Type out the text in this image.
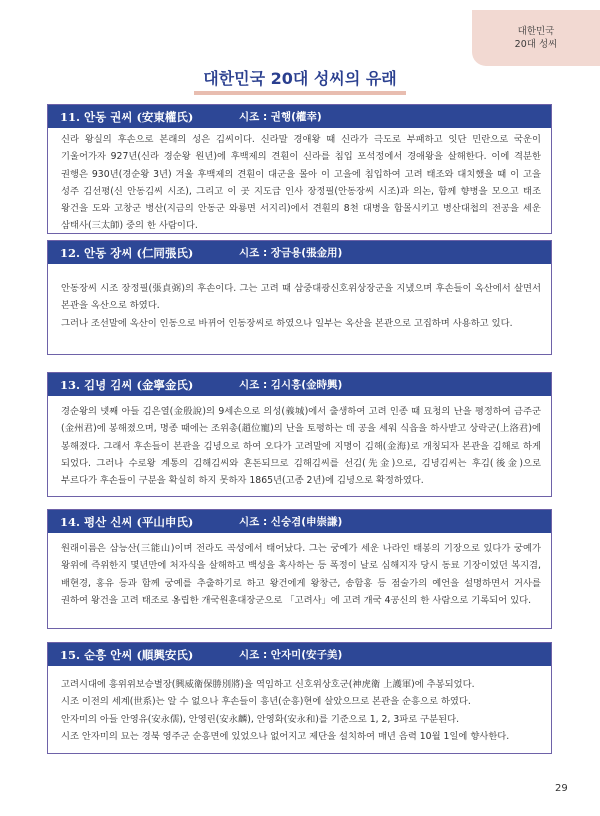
대한민국
20대 성씨
대한민국 20대 성씨의 유래
11. 안동 권씨 (安東權氏)	시조 : 권행(權幸)

신라 왕실의 후손으로 본래의 성은 김씨이다. 신라말 경애왕 때 신라가 극도로 부패하고 잇단 민란으로 국운이 기울어가자 927년(신라 경순왕 원년)에 후백제의 견훤이 신라를 침입 포석정에서 경애왕을 살해한다. 이에 격분한 권행은 930년(경순왕 3년) 겨울 후백제의 견훤이 대군을 몰아 이 고을에 침입하여 고려 태조와 대치했을 때 이 고을 성주 김선평(신 안동김씨 시조), 그리고 이 곳 지도급 인사 장정필(안동장씨 시조)과 의논, 함께 향병을 모으고 태조 왕건을 도와 고창군 병산(지금의 안동군 와룡면 서지리)에서 견훤의 8천 대병을 함몰시키고 병산대첩의 전공을 세운 삼태사(三太師) 중의 한 사람이다.

12. 안동 장씨 (仁同張氏)	시조 : 장금용(張金用)

안동장씨 시조 장정필(張貞弼)의 후손이다. 그는 고려 때 삼중대광신호위상장군을 지냈으며 후손들이 옥산에서 살면서 본관을 옥산으로 하였다.

그러나 조선말에 옥산이 인동으로 바뀌어 인동장씨로 하였으나 일부는 옥산을 본관으로 고집하며 사용하고 있다.

13. 김녕 김씨 (金寧金氏)	시조 : 김시흥(金時興)

경순왕의 넷째 아들 김은열(金殷說)의 9세손으로 의성(義城)에서 출생하여 고려 인종 때 묘청의 난을 평정하여 금주군(金州君)에 봉해졌으며, 명종 때에는 조위총(趙位寵)의 난을 토평하는 데 공을 세워 식읍을 하사받고 상락군(上洛君)에 봉해졌다. 그래서 후손들이 본관을 김녕으로 하여 오다가 고려말에 지명이 김해(金海)로 개칭되자 본관을 김해로 하게 되었다. 그러나 수로왕 계통의 김해김씨와 혼돈되므로 김해김씨를 선김(先金)으로, 김녕김씨는 후김(後金)으로 부르다가 후손들이 구분을 확실히 하지 못하자 1865년(고종 2년)에 김녕으로 확정하였다.

14. 평산 신씨 (平山申氏)	시조 : 신숭겸(申崇謙)

원래이름은 삼능산(三能山)이며 전라도 곡성에서 태어났다. 그는 궁예가 세운 나라인 태봉의 기장으로 있다가 궁예가 왕위에 즉위한지 몇년만에 처자식을 살해하고 백성을 혹사하는 등 폭정이 날로 심해지자 당시 동료 기장이었던 복지겸, 배현경, 홍유 등과 함께 궁예를 추출하기로 하고 왕건에게 왕창근, 송함홍 등 점술가의 예언을 설명하면서 거사를 권하여 왕건을 고려 태조로 옹립한 개국원훈대장군으로 「고려사」에 고려 개국 4공신의 한 사람으로 기록되어 있다.

15. 순흥 안씨 (順興安氏)	시조 : 안자미(安子美)

고려시대에 흥위위보승별장(興威衛保勝別將)을 역임하고 신호위상호군(神虎衛 上護軍)에 추봉되었다.

시조 이전의 세계(世系)는 알 수 없으나 후손들이 흥년(순흥)현에 살았으므로 본관을 순흥으로 하였다.

안자미의 아들 안영유(安永儒), 안영린(安永麟), 안영화(安永和)를 기준으로 1, 2, 3파로 구분된다.

시조 안자미의 묘는 경북 영주군 순흥면에 있었으나 없어지고 제단을 설치하여 매년 음력 10월 1일에 향사한다.

29
